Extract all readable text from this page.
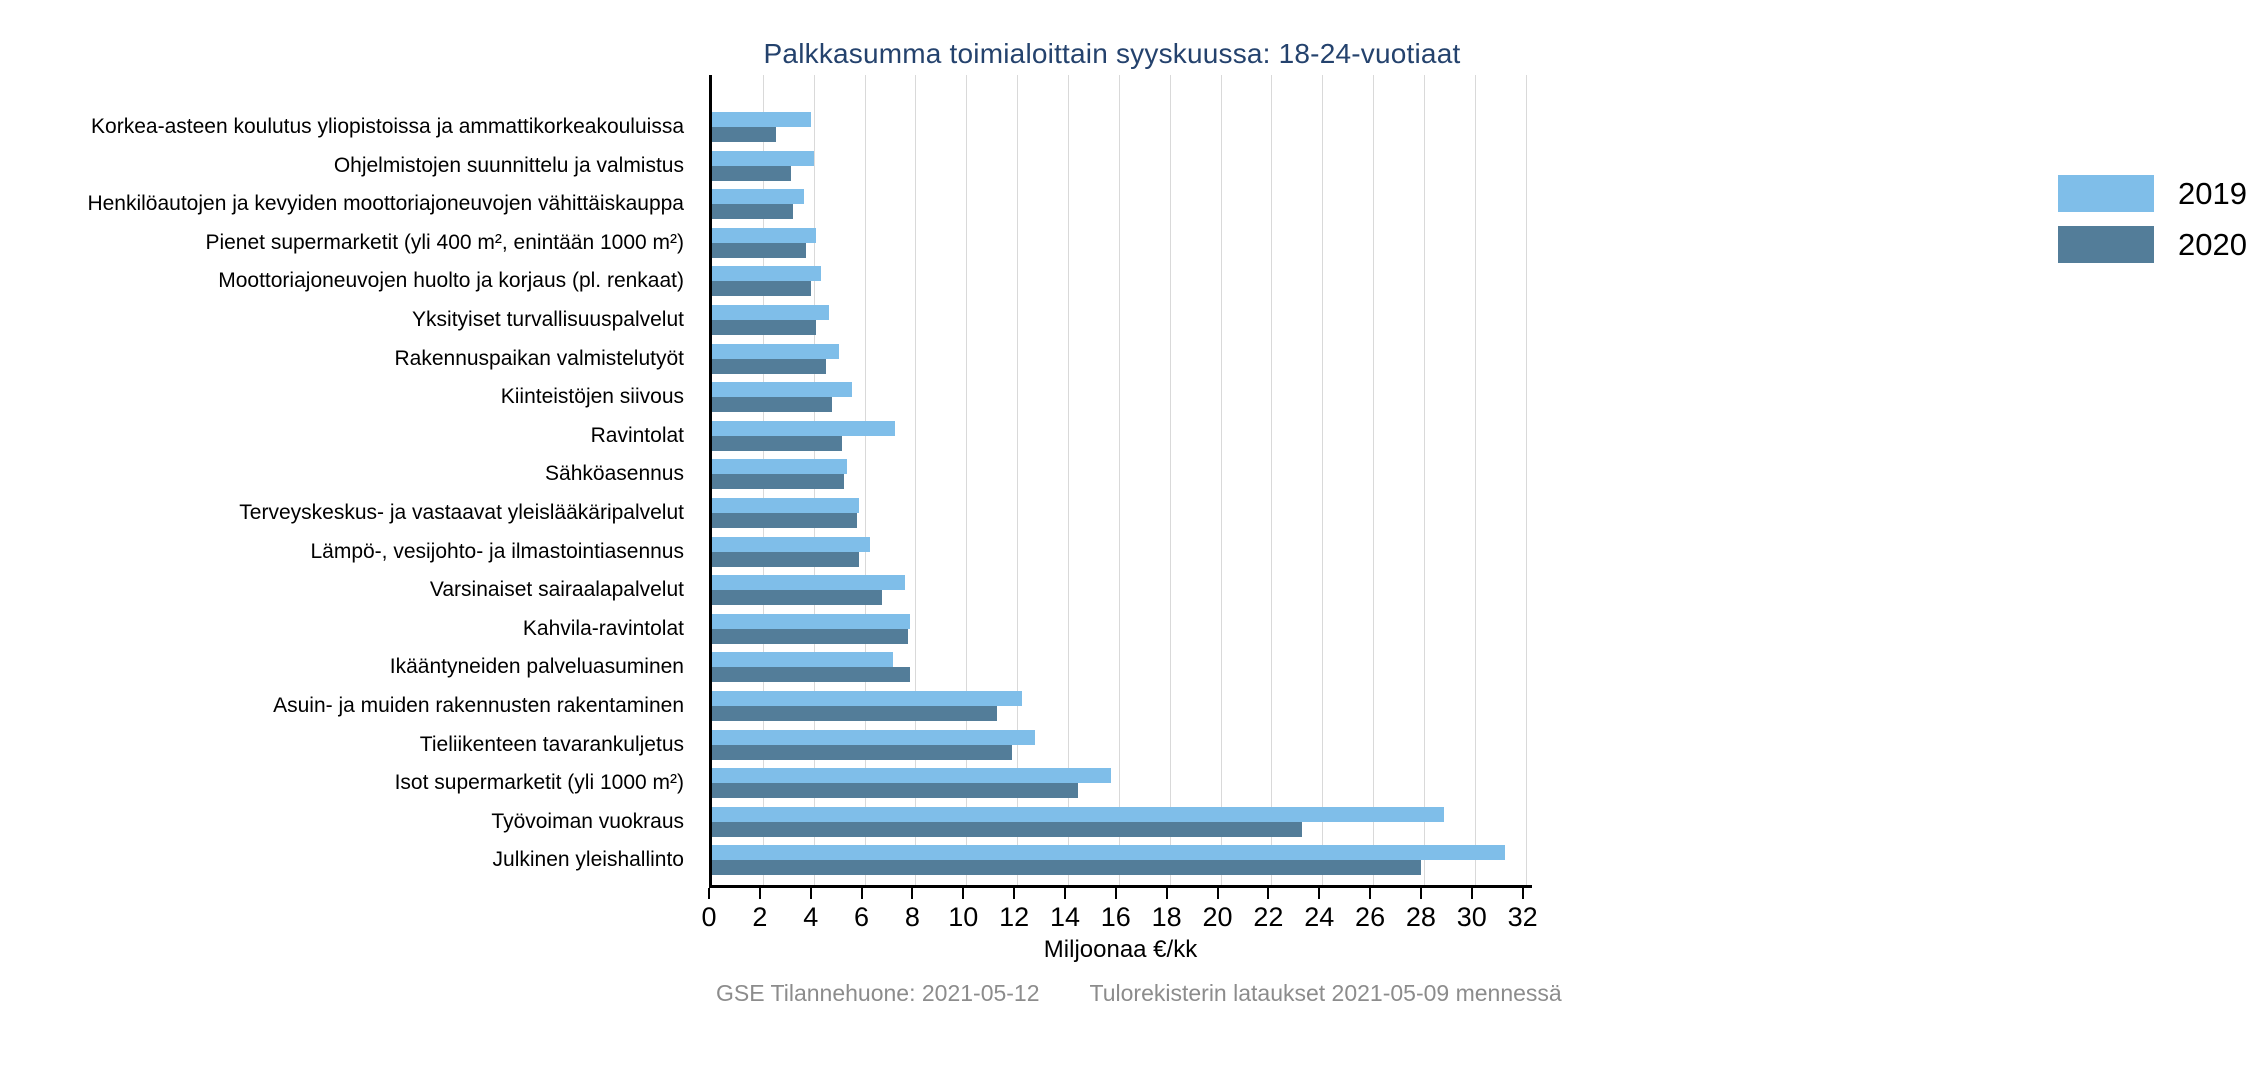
Palkkasumma toimialoittain syyskuussa: 18-24-vuotiaat
Korkea-asteen koulutus yliopistoissa ja ammattikorkeakouluissa
Ohjelmistojen suunnittelu ja valmistus
Henkilöautojen ja kevyiden moottoriajoneuvojen vähittäiskauppa
Pienet supermarketit (yli 400 m², enintään 1000 m²)
Moottoriajoneuvojen huolto ja korjaus (pl. renkaat)
Yksityiset turvallisuuspalvelut
Rakennuspaikan valmistelutyöt
Kiinteistöjen siivous
Ravintolat
Sähköasennus
Terveyskeskus- ja vastaavat yleislääkäripalvelut
Lämpö-, vesijohto- ja ilmastointiasennus
Varsinaiset sairaalapalvelut
Kahvila-ravintolat
Ikääntyneiden palveluasuminen
Asuin- ja muiden rakennusten rakentaminen
Tieliikenteen tavarankuljetus
Isot supermarketit (yli 1000 m²)
Työvoiman vuokraus
Julkinen yleishallinto
2019
2020
0 2 4 6 8 10 12 14 16 18 20 22 24 26 28 30 32
Miljoonaa €/kk
GSE Tilannehuone: 2021-05-12 Tulorekisterin lataukset 2021-05-09 mennessä
